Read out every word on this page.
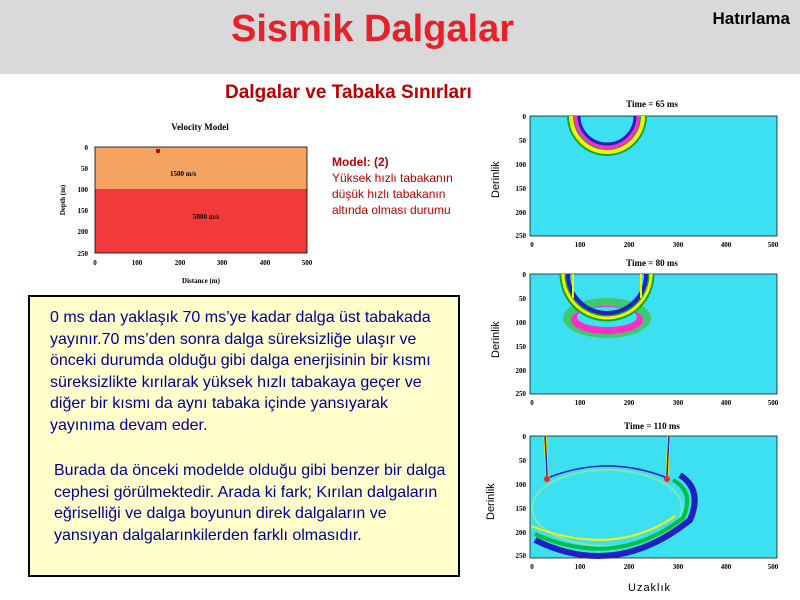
Sismik Dalgalar	Hatırlama
Dalgalar ve Tabaka Sınırları
Velocity Model
1500 m/s
5000 m/s
0
50
100
150
200
250
0	100	200	300	400	500
Distance (m)
Depth (m)
Model: (2)
Yüksek hızlı tabakanın
düşük hızlı tabakanın
altında olması durumu
0 ms dan yaklaşık 70 ms’ye kadar dalga üst tabakada yayınır.70 ms’den sonra dalga süreksizliğe ulaşır ve önceki durumda olduğu gibi dalga enerjisinin bir kısmı süreksizlikte kırılarak yüksek hızlı tabakaya geçer ve diğer bir kısmı da aynı tabaka içinde yansıyarak yayınıma devam eder.
Burada da önceki modelde olduğu gibi benzer bir dalga cephesi görülmektedir. Arada ki fark; Kırılan dalgaların eğriselliği ve dalga boyunun direk dalgaların ve yansıyan dalgalarınkilerden farklı olmasıdır.
Time = 65 ms
Derinlik
0
50
100
150
200
250
0	100	200	300	400	500
Time = 80 ms
Derinlik
0
50
100
150
200
250
0	100	200	300	400	500
Time = 110 ms
Derinlik
0
50
100
150
200
250
0	100	200	300	400	500
Uzaklık
